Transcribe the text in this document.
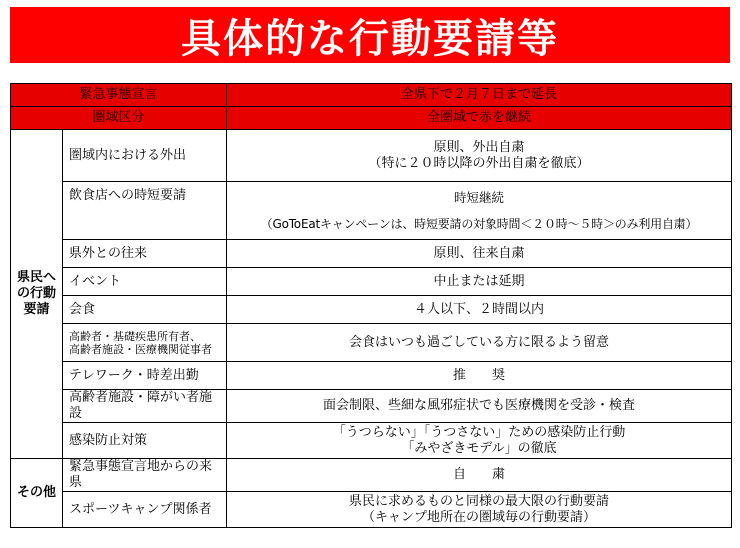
具体的な行動要請等
緊急事態宣言		全県下で２月７日まで延長
圏域区分		全圏域で赤を継続
県民への行動要請	圏域内における外出	原則、外出自粛
（特に２０時以降の外出自粛を徹底）

	飲食店への時短要請	時短継続
（GoToEatキャンペーンは、時短要請の対象時間＜２０時～５時＞のみ利用自粛）

	県外との往来	原則、往来自粛
	イベント	中止または延期
	会食	４人以下、２時間以内

	高齢者・基礎疾患所有者、
高齢者施設・医療機関従事者	会食はいつも過ごしている方に限るよう留意
	テレワーク・時差出勤	推　　奨
	高齢者施設・障がい者施設	面会制限、些細な風邪症状でも医療機関を受診・検査
	感染防止対策	「うつらない」「うつさない」ための感染防止行動
「みやざきモデル」の徹底

その他	緊急事態宣言地からの来県	自　　粛
	スポーツキャンプ関係者	県民に求めるものと同様の最大限の行動要請
（キャンプ地所在の圏域毎の行動要請）
